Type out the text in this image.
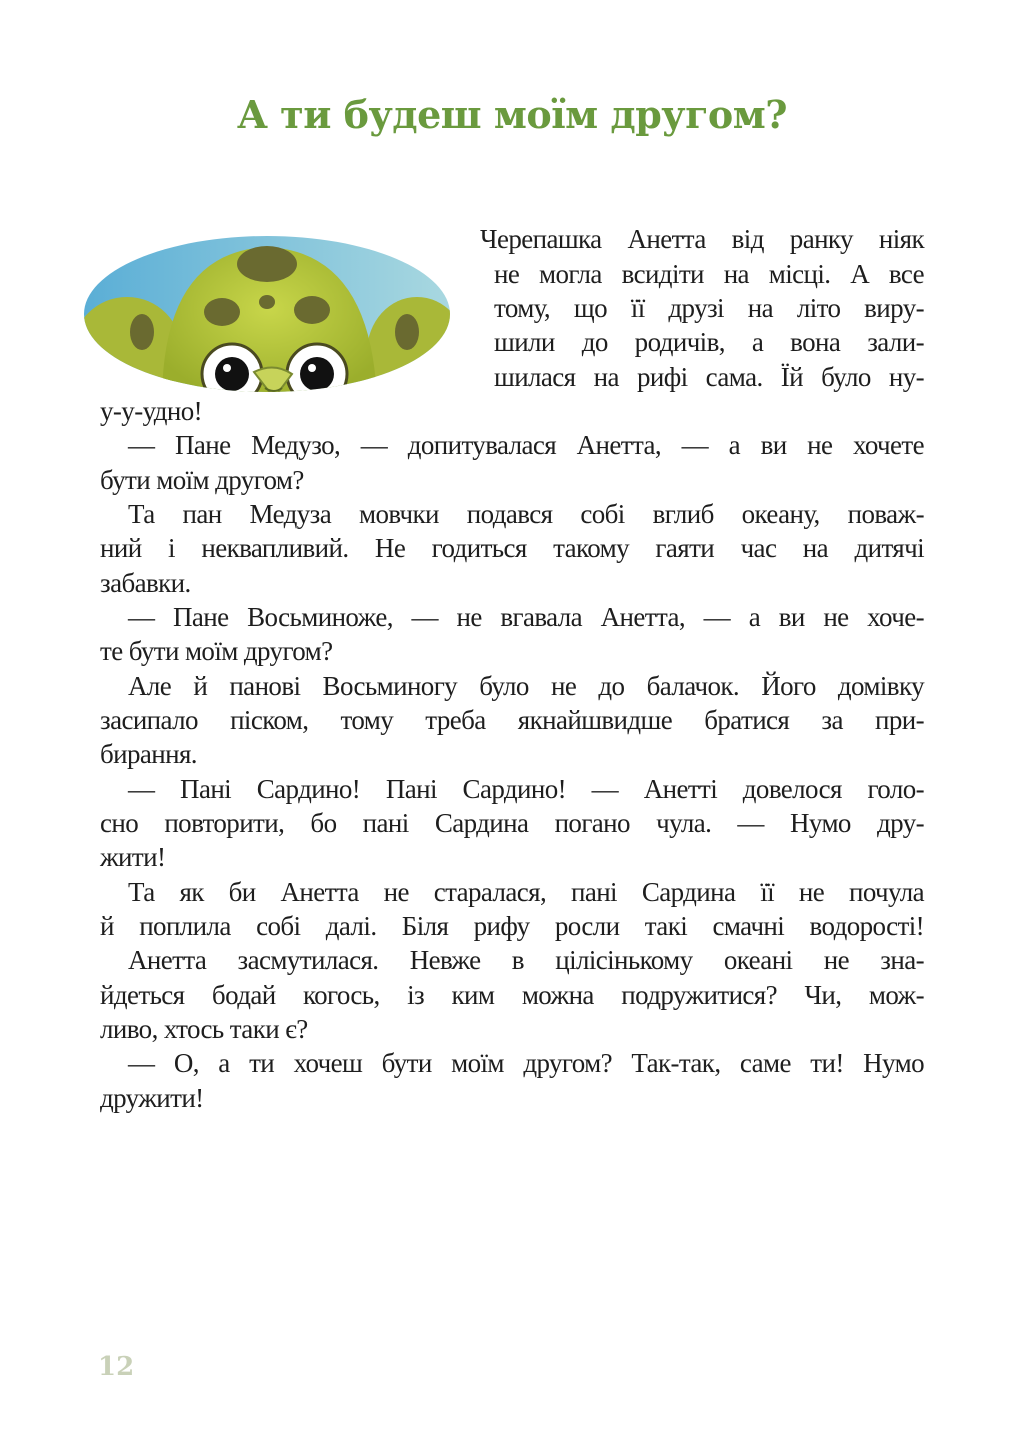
А ти будеш моїм другом?
Черепашка Анетта від ранку ніяк
не могла всидіти на місці. А все
тому, що її друзі на літо виру-
шили до родичів, а вона зали-
шилася на рифі сама. Їй було ну-
у-у-удно!
— Пане Медузо, — допитувалася Анетта, — а ви не хочете
бути моїм другом?
Та пан Медуза мовчки подався собі вглиб океану, поваж-
ний і неквапливий. Не годиться такому гаяти час на дитячі
забавки.
— Пане Восьминоже, — не вгавала Анетта, — а ви не хоче-
те бути моїм другом?
Але й панові Восьминогу було не до балачок. Його домівку
засипало піском, тому треба якнайшвидше братися за при-
бирання.
— Пані Сардино! Пані Сардино! — Анетті довелося голо-
сно повторити, бо пані Сардина погано чула. — Нумо дру-
жити!
Та як би Анетта не старалася, пані Сардина її не почула
й поплила собі далі. Біля рифу росли такі смачні водорості!
Анетта засмутилася. Невже в цілісінькому океані не зна-
йдеться бодай когось, із ким можна подружитися? Чи, мож-
ливо, хтось таки є?
— О, а ти хочеш бути моїм другом? Так-так, саме ти! Нумо
дружити!
12
